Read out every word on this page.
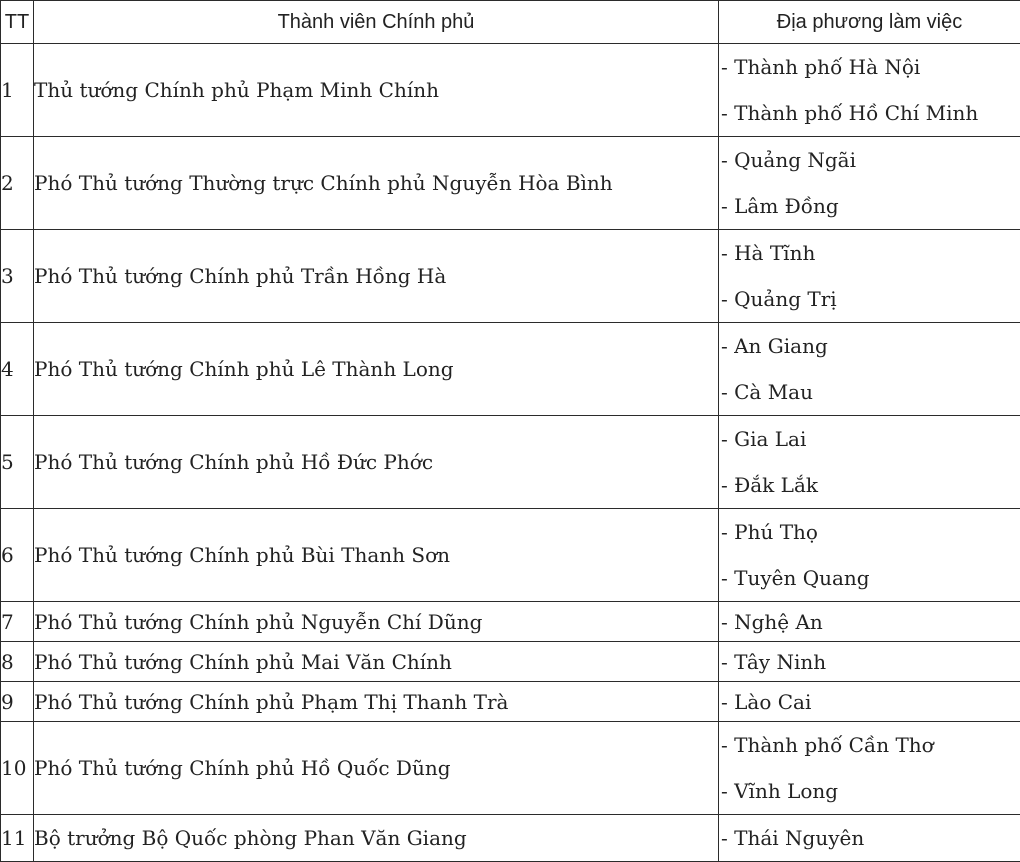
TT	Thành viên Chính phủ	Địa phương làm việc
1	Thủ tướng Chính phủ Phạm Minh Chính	- Thành phố Hà Nội
- Thành phố Hồ Chí Minh

2	Phó Thủ tướng Thường trực Chính phủ Nguyễn Hòa Bình	- Quảng Ngãi
- Lâm Đồng

3	Phó Thủ tướng Chính phủ Trần Hồng Hà	- Hà Tĩnh
- Quảng Trị

4	Phó Thủ tướng Chính phủ Lê Thành Long	- An Giang
- Cà Mau

5	Phó Thủ tướng Chính phủ Hồ Đức Phớc	- Gia Lai
- Đắk Lắk

6	Phó Thủ tướng Chính phủ Bùi Thanh Sơn	- Phú Thọ
- Tuyên Quang

7	Phó Thủ tướng Chính phủ Nguyễn Chí Dũng	- Nghệ An

8	Phó Thủ tướng Chính phủ Mai Văn Chính	- Tây Ninh

9	Phó Thủ tướng Chính phủ Phạm Thị Thanh Trà	- Lào Cai

10	Phó Thủ tướng Chính phủ Hồ Quốc Dũng	- Thành phố Cần Thơ
- Vĩnh Long

11	Bộ trưởng Bộ Quốc phòng Phan Văn Giang	- Thái Nguyên
